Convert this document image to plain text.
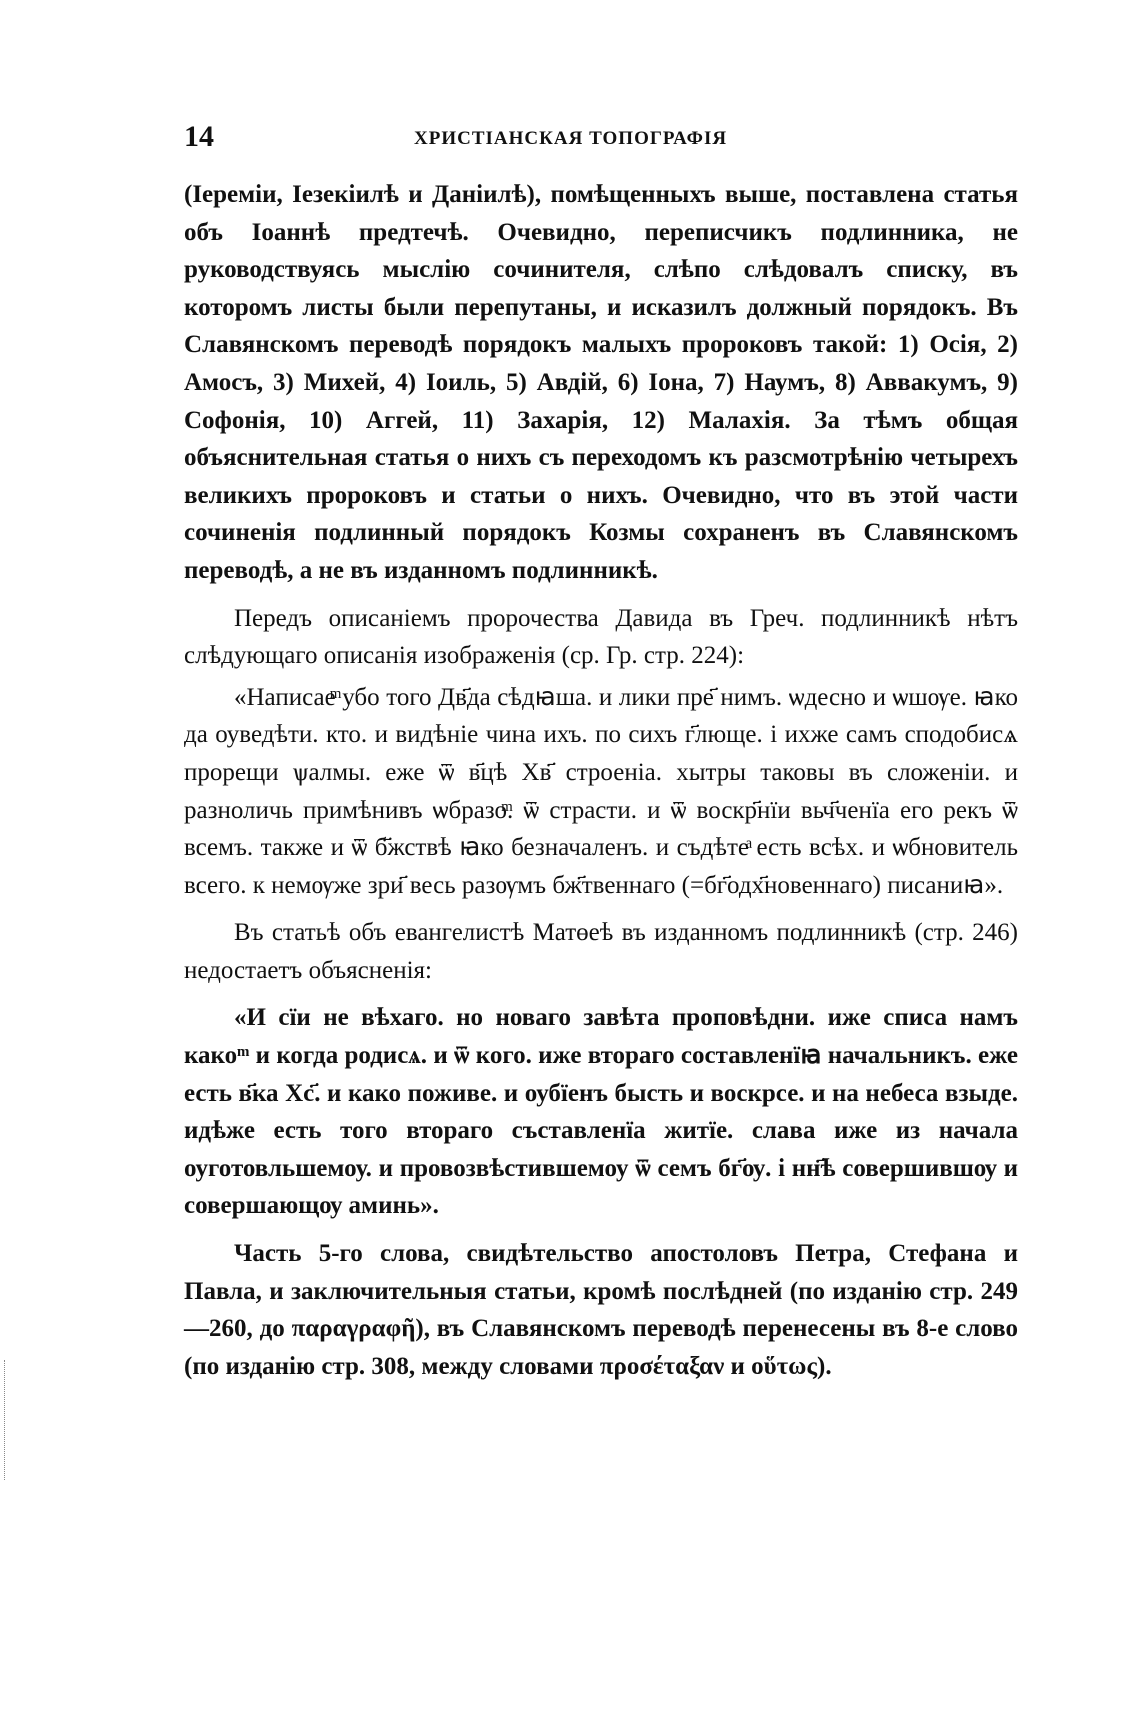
14	ХРИСТІАНСКАЯ ТОПОГРАФІЯ

(Іереміи, Іезекіилѣ и Даніилѣ), помѣщенныхъ выше, поставлена статья объ Іоаннѣ предтечѣ. Очевидно, переписчикъ подлинника, не руководствуясь мыслію сочинителя, слѣпо слѣдовалъ списку, въ которомъ листы были перепутаны, и исказилъ должный порядокъ. Въ Славянскомъ переводѣ порядокъ малыхъ пророковъ такой: 1) Осія, 2) Амосъ, 3) Михей, 4) Іоиль, 5) Авдій, 6) Іона, 7) Наумъ, 8) Аввакумъ, 9) Софонія, 10) Аггей, 11) Захарія, 12) Малахія. За тѣмъ общая объяснительная статья о нихъ съ переходомъ къ разсмотрѣнію четырехъ великихъ пророковъ и статьи о нихъ. Очевидно, что въ этой части сочиненія подлинный порядокъ Козмы сохраненъ въ Славянскомъ переводѣ, а не въ изданномъ подлинникѣ.

Передъ описаніемъ пророчества Давида въ Греч. подлинникѣ нѣтъ слѣдующаго описанія изображенія (ср. Гр. стр. 224):

«Написае͏ͫ убо того Дв҃да сѣдꙗша. и лики пре҃ нимъ. ѡдесно и ѡшѹе. ꙗко да оуведѣти. кто. и видѣніе чина ихъ. по сихъ г҃люще. і ихже самъ сподобисѧ прорещи ѱалмы. еже ѿ в҃цѣ Хв҃ строеніа. хытры таковы въ сложеніи. и разноличь примѣнивъ ѡбразоͫ. ѿ страсти. и ѿ воскр҃нїи вьч҃ченїа его рекъ ѿ всемъ. также и ѿ б҃жствѣ ꙗко безначаленъ. и съдѣтеͣ есть всѣх. и ѡбновитель всего. к немѹже зри҃ весь разѹмъ бж҃твеннаго (=бг҃одх҃новеннаго) писаниꙗ».

Въ статьѣ объ евангелистѣ Матөеѣ въ изданномъ подлинникѣ (стр. 246) недостаетъ объясненія:

«И сїи не вѣхаго. но новаго завѣта проповѣдни. иже списа намъ какоͫ и когда родисѧ. и ѿ кого. иже втораго составленїꙗ начальникъ. еже есть в҃ка Хс҃. и како поживе. и оубїенъ бысть и воскрсе. и на небеса взыде. идѣже есть того втораго съставленїа житїе. слава иже из начала оуготовльшемоу. и провозвѣстившемоу ѿ семъ бг҃ѹ. і нн҃ѣ совершившѹ и совершающѹ аминь».

Часть 5-го слова, свидѣтельство апостоловъ Петра, Стефана и Павла, и заключительныя статьи, кромѣ послѣдней (по изданію стр. 249—260, до παραγραφῆ), въ Славянскомъ переводѣ перенесены въ 8-е слово (по изданію стр. 308, между словами προσέταξαν и οὕτως).
